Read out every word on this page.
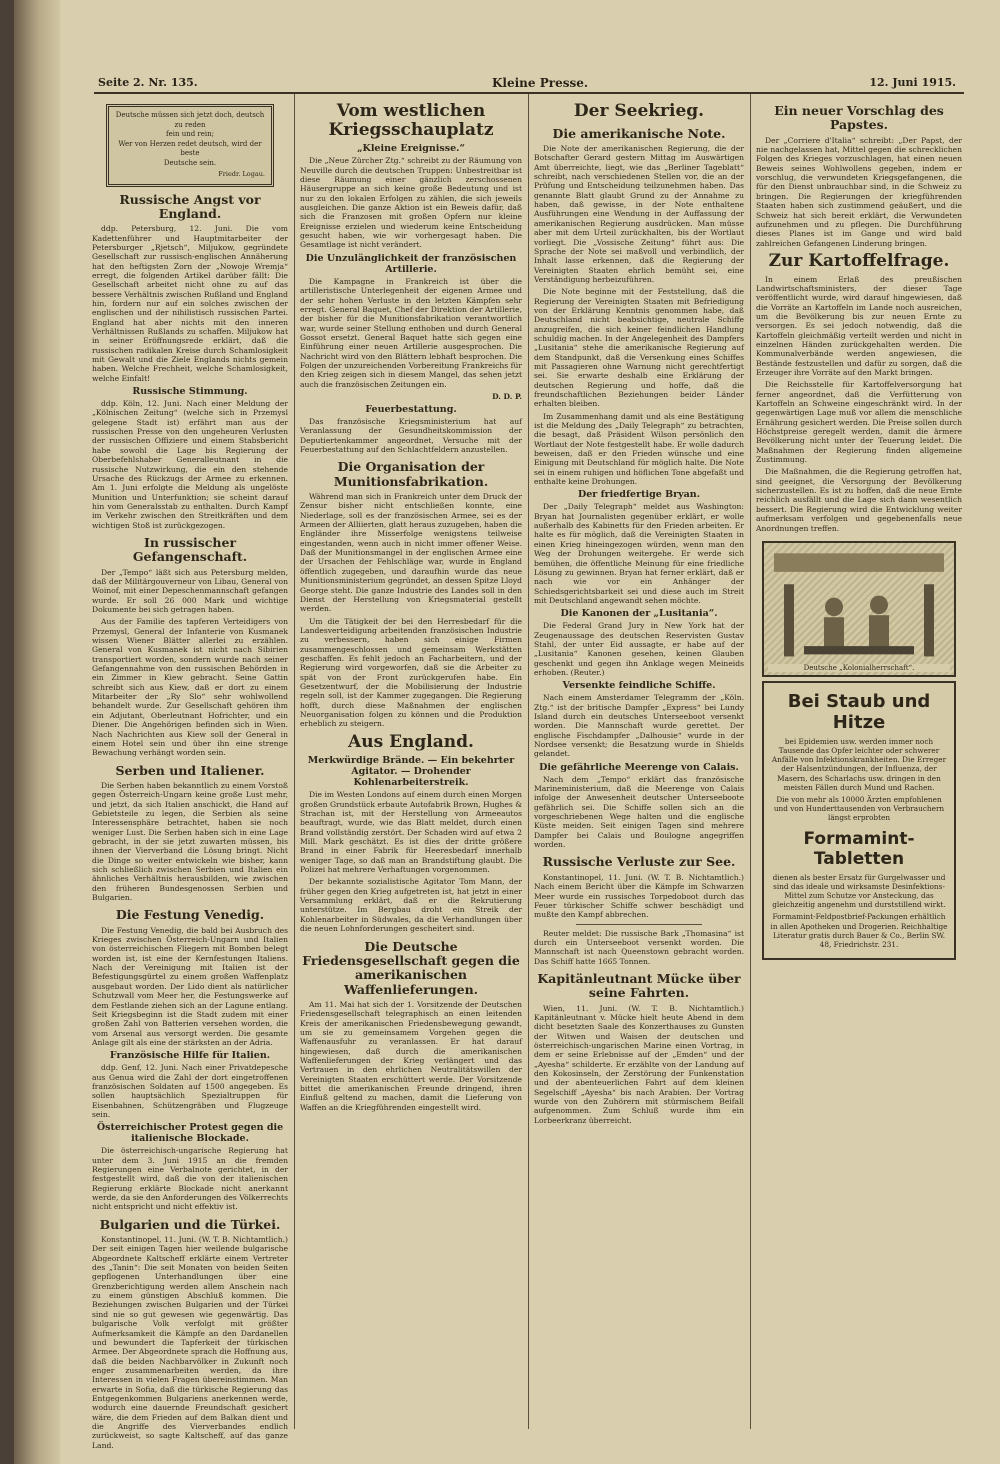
Seite 2. Nr. 135.	Kleine Presse.	12. Juni 1915.
Deutsche müssen sich jetzt doch, deutsch zu reden
fein und rein;
Wer von Herzen redet deutsch, wird der beste
Deutsche sein.
Friedr. Logau.
Russische Angst vor England.

ddp. Petersburg, 12. Juni. Die vom Kadettenführer und Hauptmitarbeiter der Petersburger „Rjetsch“, Miljukow, gegründete Gesellschaft zur russisch-englischen Annäherung hat den heftigsten Zorn der „Nowoje Wremja“ erregt, die folgenden Artikel darüber fällt: Die Gesellschaft arbeitet nicht ohne zu auf das bessere Verhältnis zwischen Rußland und England hin, fordern nur auf ein solches zwischen der englischen und der nihilistisch russischen Partei. England hat aber nichts mit den inneren Verhältnissen Rußlands zu schaffen. Miljukow hat in seiner Eröffnungsrede erklärt, daß die russischen radikalen Kreise durch Schamlosigkeit mit Gewalt und die Ziele Englands nichts gemein haben. Welche Frechheit, welche Schamlosigkeit, welche Einfalt!

Russische Stimmung.

ddp. Köln, 12. Juni. Nach einer Meldung der „Kölnischen Zeitung“ (welche sich in Przemysl gelegene Stadt ist) erfährt man aus der russischen Presse von den ungeheuren Verlusten der russischen Offiziere und einem Stabsbericht habe sowohl die Lage bis Regierung der Oberbefehlshaber Generalleutnant in die russische Nutzwirkung, die ein den stehende Ursache des Rückzugs der Armee zu erkennen. Am 1. Juni erfolgte die Meldung als ungelöste Munition und Unterfunktion; sie scheint darauf hin vom Generalsstab zu enthalten. Durch Kampf im Verkehr zwischen den Streitkräften und dem wichtigen Stoß ist zurückgezogen.

In russischer Gefangenschaft.

Der „Tempo“ läßt sich aus Petersburg melden, daß der Militärgouverneur von Libau, General von Woinof, mit einer Depeschenmannschaft gefangen wurde. Er soll 26 000 Mark und wichtige Dokumente bei sich getragen haben.

Aus der Familie des tapferen Verteidigers von Przemysl, General der Infanterie von Kusmanek wissen Wiener Blätter allerlei zu erzählen. General von Kusmanek ist nicht nach Sibirien transportiert worden, sondern wurde nach seiner Gefangennahme von den russischen Behörden in ein Zimmer in Kiew gebracht. Seine Gattin schreibt sich aus Kiew, daß er dort zu einem Mitarbeiter der „Ry Slo“ sehr wohlwollend behandelt wurde. Zur Gesellschaft gehören ihm ein Adjutant, Oberleutnant Hofrichter, und ein Diener. Die Angehörigen befinden sich in Wien. Nach Nachrichten aus Kiew soll der General in einem Hotel sein und über ihn eine strenge Bewachung verhängt worden sein.

Serben und Italiener.

Die Serben haben bekanntlich zu einem Vorstoß gegen Österreich-Ungarn keine große Lust mehr, und jetzt, da sich Italien anschickt, die Hand auf Gebietsteile zu legen, die Serbien als seine Interessensphäre betrachtet, haben sie noch weniger Lust. Die Serben haben sich in eine Lage gebracht, in der sie jetzt zuwarten müssen, bis ihnen der Vierverband die Lösung bringt. Nicht die Dinge so weiter entwickeln wie bisher, kann sich schließlich zwischen Serbien und Italien ein ähnliches Verhältnis herausbilden, wie zwischen den früheren Bundesgenossen Serbien und Bulgarien.

Die Festung Venedig.

Die Festung Venedig, die bald bei Ausbruch des Krieges zwischen Österreich-Ungarn und Italien von österreichischen Fliegern mit Bomben belegt worden ist, ist eine der Kernfestungen Italiens. Nach der Vereinigung mit Italien ist der Befestigungsgürtel zu einem großen Waffenplatz ausgebaut worden. Der Lido dient als natürlicher Schutzwall vom Meer her, die Festungswerke auf dem Festlande ziehen sich an der Lagune entlang. Seit Kriegsbeginn ist die Stadt zudem mit einer großen Zahl von Batterien versehen worden, die vom Arsenal aus versorgt werden. Die gesamte Anlage gilt als eine der stärksten an der Adria.

Französische Hilfe für Italien.

ddp. Genf, 12. Juni. Nach einer Privatdepesche aus Genua wird die Zahl der dort eingetroffenen französischen Soldaten auf 1500 angegeben. Es sollen hauptsächlich Spezialtruppen für Eisenbahnen, Schützengräben und Flugzeuge sein.

Österreichischer Protest gegen die italienische Blockade.

Die österreichisch-ungarische Regierung hat unter dem 3. Juni 1915 an die fremden Regierungen eine Verbalnote gerichtet, in der festgestellt wird, daß die von der italienischen Regierung erklärte Blockade nicht anerkannt werde, da sie den Anforderungen des Völkerrechts nicht entspricht und nicht effektiv ist.

Bulgarien und die Türkei.

Konstantinopel, 11. Juni. (W. T. B. Nichtamtlich.) Der seit einigen Tagen hier weilende bulgarische Abgeordnete Kaltscheff erklärte einem Vertreter des „Tanin“: Die seit Monaten von beiden Seiten gepflogenen Unterhandlungen über eine Grenzberichtigung werden allem Anschein nach zu einem günstigen Abschluß kommen. Die Beziehungen zwischen Bulgarien und der Türkei sind nie so gut gewesen wie gegenwärtig. Das bulgarische Volk verfolgt mit größter Aufmerksamkeit die Kämpfe an den Dardanellen und bewundert die Tapferkeit der türkischen Armee. Der Abgeordnete sprach die Hoffnung aus, daß die beiden Nachbarvölker in Zukunft noch enger zusammenarbeiten werden, da ihre Interessen in vielen Fragen übereinstimmen. Man erwarte in Sofia, daß die türkische Regierung das Entgegenkommen Bulgariens anerkennen werde, wodurch eine dauernde Freundschaft gesichert wäre, die dem Frieden auf dem Balkan dient und die Angriffe des Vierverbandes endlich zurückweist, so sagte Kaltscheff, auf das ganze Land.

Vom westlichen Kriegsschauplatz
„Kleine Ereignisse.“

Die „Neue Zürcher Ztg.“ schreibt zu der Räumung von Neuville durch die deutschen Truppen: Unbestreitbar ist diese Räumung einer gänzlich zerschossenen Häusergruppe an sich keine große Bedeutung und ist nur zu den lokalen Erfolgen zu zählen, die sich jeweils ausgleichen. Die ganze Aktion ist ein Beweis dafür, daß sich die Franzosen mit großen Opfern nur kleine Ereignisse erzielen und wiederum keine Entscheidung gesucht haben, wie wir vorhergesagt haben. Die Gesamtlage ist nicht verändert.

Die Unzulänglichkeit der französischen Artillerie.

Die Kampagne in Frankreich ist über die artilleristische Unterlegenheit der eigenen Armee und der sehr hohen Verluste in den letzten Kämpfen sehr erregt. General Baquet, Chef der Direktion der Artillerie, der bisher für die Munitionsfabrikation verantwortlich war, wurde seiner Stellung enthoben und durch General Gossot ersetzt. General Baquet hatte sich gegen eine Einführung einer neuen Artillerie ausgesprochen. Die Nachricht wird von den Blättern lebhaft besprochen. Die Folgen der unzureichenden Vorbereitung Frankreichs für den Krieg zeigen sich in diesem Mangel, das sehen jetzt auch die französischen Zeitungen ein.

D. D. P.
Feuerbestattung.

Das französische Kriegsministerium hat auf Veranlassung der Gesundheitskommission der Deputiertenkammer angeordnet, Versuche mit der Feuerbestattung auf den Schlachtfeldern anzustellen.

Die Organisation der Munitionsfabrikation.

Während man sich in Frankreich unter dem Druck der Zensur bisher nicht entschließen konnte, eine Niederlage, soll es der französischen Armee, sei es der Armeen der Alliierten, glatt heraus zuzugeben, haben die Engländer ihre Misserfolge wenigstens teilweise eingestanden, wenn auch in nicht immer offener Weise. Daß der Munitionsmangel in der englischen Armee eine der Ursachen der Fehlschläge war, wurde in England öffentlich zugegeben, und daraufhin wurde das neue Munitionsministerium gegründet, an dessen Spitze Lloyd George steht. Die ganze Industrie des Landes soll in den Dienst der Herstellung von Kriegsmaterial gestellt werden.

Um die Tätigkeit der bei den Herresbedarf für die Landesverteidigung arbeitenden französischen Industrie zu verbessern, haben sich einige Firmen zusammengeschlossen und gemeinsam Werkstätten geschaffen. Es fehlt jedoch an Facharbeitern, und der Regierung wird vorgeworfen, daß sie die Arbeiter zu spät von der Front zurückgerufen habe. Ein Gesetzentwurf, der die Mobilisierung der Industrie regeln soll, ist der Kammer zugegangen. Die Regierung hofft, durch diese Maßnahmen der englischen Neuorganisation folgen zu können und die Produktion erheblich zu steigern.

Aus England.
Merkwürdige Brände. — Ein bekehrter Agitator. — Drohender Kohlenarbeiterstreik.

Die im Westen Londons auf einem durch einen Morgen großen Grundstück erbaute Autofabrik Brown, Hughes & Strachan ist, mit der Herstellung von Armeeautos beauftragt, wurde, wie das Blatt meldet, durch einen Brand vollständig zerstört. Der Schaden wird auf etwa 2 Mill. Mark geschätzt. Es ist dies der dritte größere Brand in einer Fabrik für Heeresbedarf innerhalb weniger Tage, so daß man an Brandstiftung glaubt. Die Polizei hat mehrere Verhaftungen vorgenommen.

Der bekannte sozialistische Agitator Tom Mann, der früher gegen den Krieg aufgetreten ist, hat jetzt in einer Versammlung erklärt, daß er die Rekrutierung unterstütze. Im Bergbau droht ein Streik der Kohlenarbeiter in Südwales, da die Verhandlungen über die neuen Lohnforderungen gescheitert sind.

Die Deutsche Friedensgesellschaft gegen die amerikanischen Waffenlieferungen.

Am 11. Mai hat sich der 1. Vorsitzende der Deutschen Friedensgesellschaft telegraphisch an einen leitenden Kreis der amerikanischen Friedensbewegung gewandt, um sie zu gemeinsamem Vorgehen gegen die Waffenausfuhr zu veranlassen. Er hat darauf hingewiesen, daß durch die amerikanischen Waffenlieferungen der Krieg verlängert und das Vertrauen in den ehrlichen Neutralitätswillen der Vereinigten Staaten erschüttert werde. Der Vorsitzende bittet die amerikanischen Freunde dringend, ihren Einfluß geltend zu machen, damit die Lieferung von Waffen an die Kriegführenden eingestellt wird.

Der Seekrieg.
Die amerikanische Note.

Die Note der amerikanischen Regierung, die der Botschafter Gerard gestern Mittag im Auswärtigen Amt überreichte, liegt, wie das „Berliner Tageblatt“ schreibt, nach verschiedenen Stellen vor, die an der Prüfung und Entscheidung teilzunehmen haben. Das genannte Blatt glaubt Grund zu der Annahme zu haben, daß gewisse, in der Note enthaltene Ausführungen eine Wendung in der Auffassung der amerikanischen Regierung ausdrücken. Man müsse aber mit dem Urteil zurückhalten, bis der Wortlaut vorliegt. Die „Vossische Zeitung“ führt aus: Die Sprache der Note sei maßvoll und verbindlich, der Inhalt lasse erkennen, daß die Regierung der Vereinigten Staaten ehrlich bemüht sei, eine Verständigung herbeizuführen.

Die Note beginne mit der Feststellung, daß die Regierung der Vereinigten Staaten mit Befriedigung von der Erklärung Kenntnis genommen habe, daß Deutschland nicht beabsichtige, neutrale Schiffe anzugreifen, die sich keiner feindlichen Handlung schuldig machen. In der Angelegenheit des Dampfers „Lusitania“ stehe die amerikanische Regierung auf dem Standpunkt, daß die Versenkung eines Schiffes mit Passagieren ohne Warnung nicht gerechtfertigt sei. Sie erwarte deshalb eine Erklärung der deutschen Regierung und hoffe, daß die freundschaftlichen Beziehungen beider Länder erhalten bleiben.

Im Zusammenhang damit und als eine Bestätigung ist die Meldung des „Daily Telegraph“ zu betrachten, die besagt, daß Präsident Wilson persönlich den Wortlaut der Note festgestellt habe. Er wolle dadurch beweisen, daß er den Frieden wünsche und eine Einigung mit Deutschland für möglich halte. Die Note sei in einem ruhigen und höflichen Tone abgefaßt und enthalte keine Drohungen.

Der friedfertige Bryan.

Der „Daily Telegraph“ meldet aus Washington: Bryan hat Journalisten gegenüber erklärt, er wolle außerhalb des Kabinetts für den Frieden arbeiten. Er halte es für möglich, daß die Vereinigten Staaten in einen Krieg hineingezogen würden, wenn man den Weg der Drohungen weitergehe. Er werde sich bemühen, die öffentliche Meinung für eine friedliche Lösung zu gewinnen. Bryan hat ferner erklärt, daß er nach wie vor ein Anhänger der Schiedsgerichtsbarkeit sei und diese auch im Streit mit Deutschland angewandt sehen möchte.

Die Kanonen der „Lusitania“.

Die Federal Grand Jury in New York hat der Zeugenaussage des deutschen Reservisten Gustav Stahl, der unter Eid aussagte, er habe auf der „Lusitania“ Kanonen gesehen, keinen Glauben geschenkt und gegen ihn Anklage wegen Meineids erhoben. (Reuter.)

Versenkte feindliche Schiffe.

Nach einem Amsterdamer Telegramm der „Köln. Ztg.“ ist der britische Dampfer „Express“ bei Lundy Island durch ein deutsches Unterseeboot versenkt worden. Die Mannschaft wurde gerettet. Der englische Fischdampfer „Dalhousie“ wurde in der Nordsee versenkt; die Besatzung wurde in Shields gelandet.

Die gefährliche Meerenge von Calais.

Nach dem „Tempo“ erklärt das französische Marineministerium, daß die Meerenge von Calais infolge der Anwesenheit deutscher Unterseeboote gefährlich sei. Die Schiffe sollen sich an die vorgeschriebenen Wege halten und die englische Küste meiden. Seit einigen Tagen sind mehrere Dampfer bei Calais und Boulogne angegriffen worden.

Russische Verluste zur See.

Konstantinopel, 11. Juni. (W. T. B. Nichtamtlich.) Nach einem Bericht über die Kämpfe im Schwarzen Meer wurde ein russisches Torpedoboot durch das Feuer türkischer Schiffe schwer beschädigt und mußte den Kampf abbrechen.

Reuter meldet: Die russische Bark „Thomasina“ ist durch ein Unterseeboot versenkt worden. Die Mannschaft ist nach Queenstown gebracht worden. Das Schiff hatte 1665 Tonnen.

Kapitänleutnant Mücke über seine Fahrten.

Wien, 11. Juni. (W. T. B. Nichtamtlich.) Kapitänleutnant v. Mücke hielt heute Abend in dem dicht besetzten Saale des Konzerthauses zu Gunsten der Witwen und Waisen der deutschen und österreichisch-ungarischen Marine einen Vortrag, in dem er seine Erlebnisse auf der „Emden“ und der „Ayesha“ schilderte. Er erzählte von der Landung auf den Kokosinseln, der Zerstörung der Funkenstation und der abenteuerlichen Fahrt auf dem kleinen Segelschiff „Ayesha“ bis nach Arabien. Der Vortrag wurde von den Zuhörern mit stürmischem Beifall aufgenommen. Zum Schluß wurde ihm ein Lorbeerkranz überreicht.

Ein neuer Vorschlag des Papstes.

Der „Corriere d'Italia“ schreibt: „Der Papst, der nie nachgelassen hat, Mittel gegen die schrecklichen Folgen des Krieges vorzuschlagen, hat einen neuen Beweis seines Wohlwollens gegeben, indem er vorschlug, die verwundeten Kriegsgefangenen, die für den Dienst unbrauchbar sind, in die Schweiz zu bringen. Die Regierungen der kriegführenden Staaten haben sich zustimmend geäußert, und die Schweiz hat sich bereit erklärt, die Verwundeten aufzunehmen und zu pflegen. Die Durchführung dieses Planes ist im Gange und wird bald zahlreichen Gefangenen Linderung bringen.

Zur Kartoffelfrage.

In einem Erlaß des preußischen Landwirtschaftsministers, der dieser Tage veröffentlicht wurde, wird darauf hingewiesen, daß die Vorräte an Kartoffeln im Lande noch ausreichen, um die Bevölkerung bis zur neuen Ernte zu versorgen. Es sei jedoch notwendig, daß die Kartoffeln gleichmäßig verteilt werden und nicht in einzelnen Händen zurückgehalten werden. Die Kommunalverbände werden angewiesen, die Bestände festzustellen und dafür zu sorgen, daß die Erzeuger ihre Vorräte auf den Markt bringen.

Die Reichsstelle für Kartoffelversorgung hat ferner angeordnet, daß die Verfütterung von Kartoffeln an Schweine eingeschränkt wird. In der gegenwärtigen Lage muß vor allem die menschliche Ernährung gesichert werden. Die Preise sollen durch Höchstpreise geregelt werden, damit die ärmere Bevölkerung nicht unter der Teuerung leidet. Die Maßnahmen der Regierung finden allgemeine Zustimmung.

Die Maßnahmen, die die Regierung getroffen hat, sind geeignet, die Versorgung der Bevölkerung sicherzustellen. Es ist zu hoffen, daß die neue Ernte reichlich ausfällt und die Lage sich dann wesentlich bessert. Die Regierung wird die Entwicklung weiter aufmerksam verfolgen und gegebenenfalls neue Anordnungen treffen.

Deutsche „Kolonialherrschaft“.
Bei Staub und Hitze

bei Epidemien usw. werden immer noch Tausende das Opfer leichter oder schwerer Anfälle von Infektionskrankheiten. Die Erreger der Halsentzündungen, der Influenza, der Masern, des Scharlachs usw. dringen in den meisten Fällen durch Mund und Rachen.

Die von mehr als 10000 Ärzten empfohlenen und von Hunderttausenden von Verbrauchern längst erprobten

Formamint-Tabletten

dienen als bester Ersatz für Gurgelwasser und sind das ideale und wirksamste Desinfektions-Mittel zum Schutze vor Ansteckung, das gleichzeitig angenehm und durststillend wirkt.

Formamint-Feldpostbrief-Packungen erhältlich in allen Apotheken und Drogerien. Reichhaltige Literatur gratis durch Bauer & Co., Berlin SW. 48, Friedrichstr. 231.
